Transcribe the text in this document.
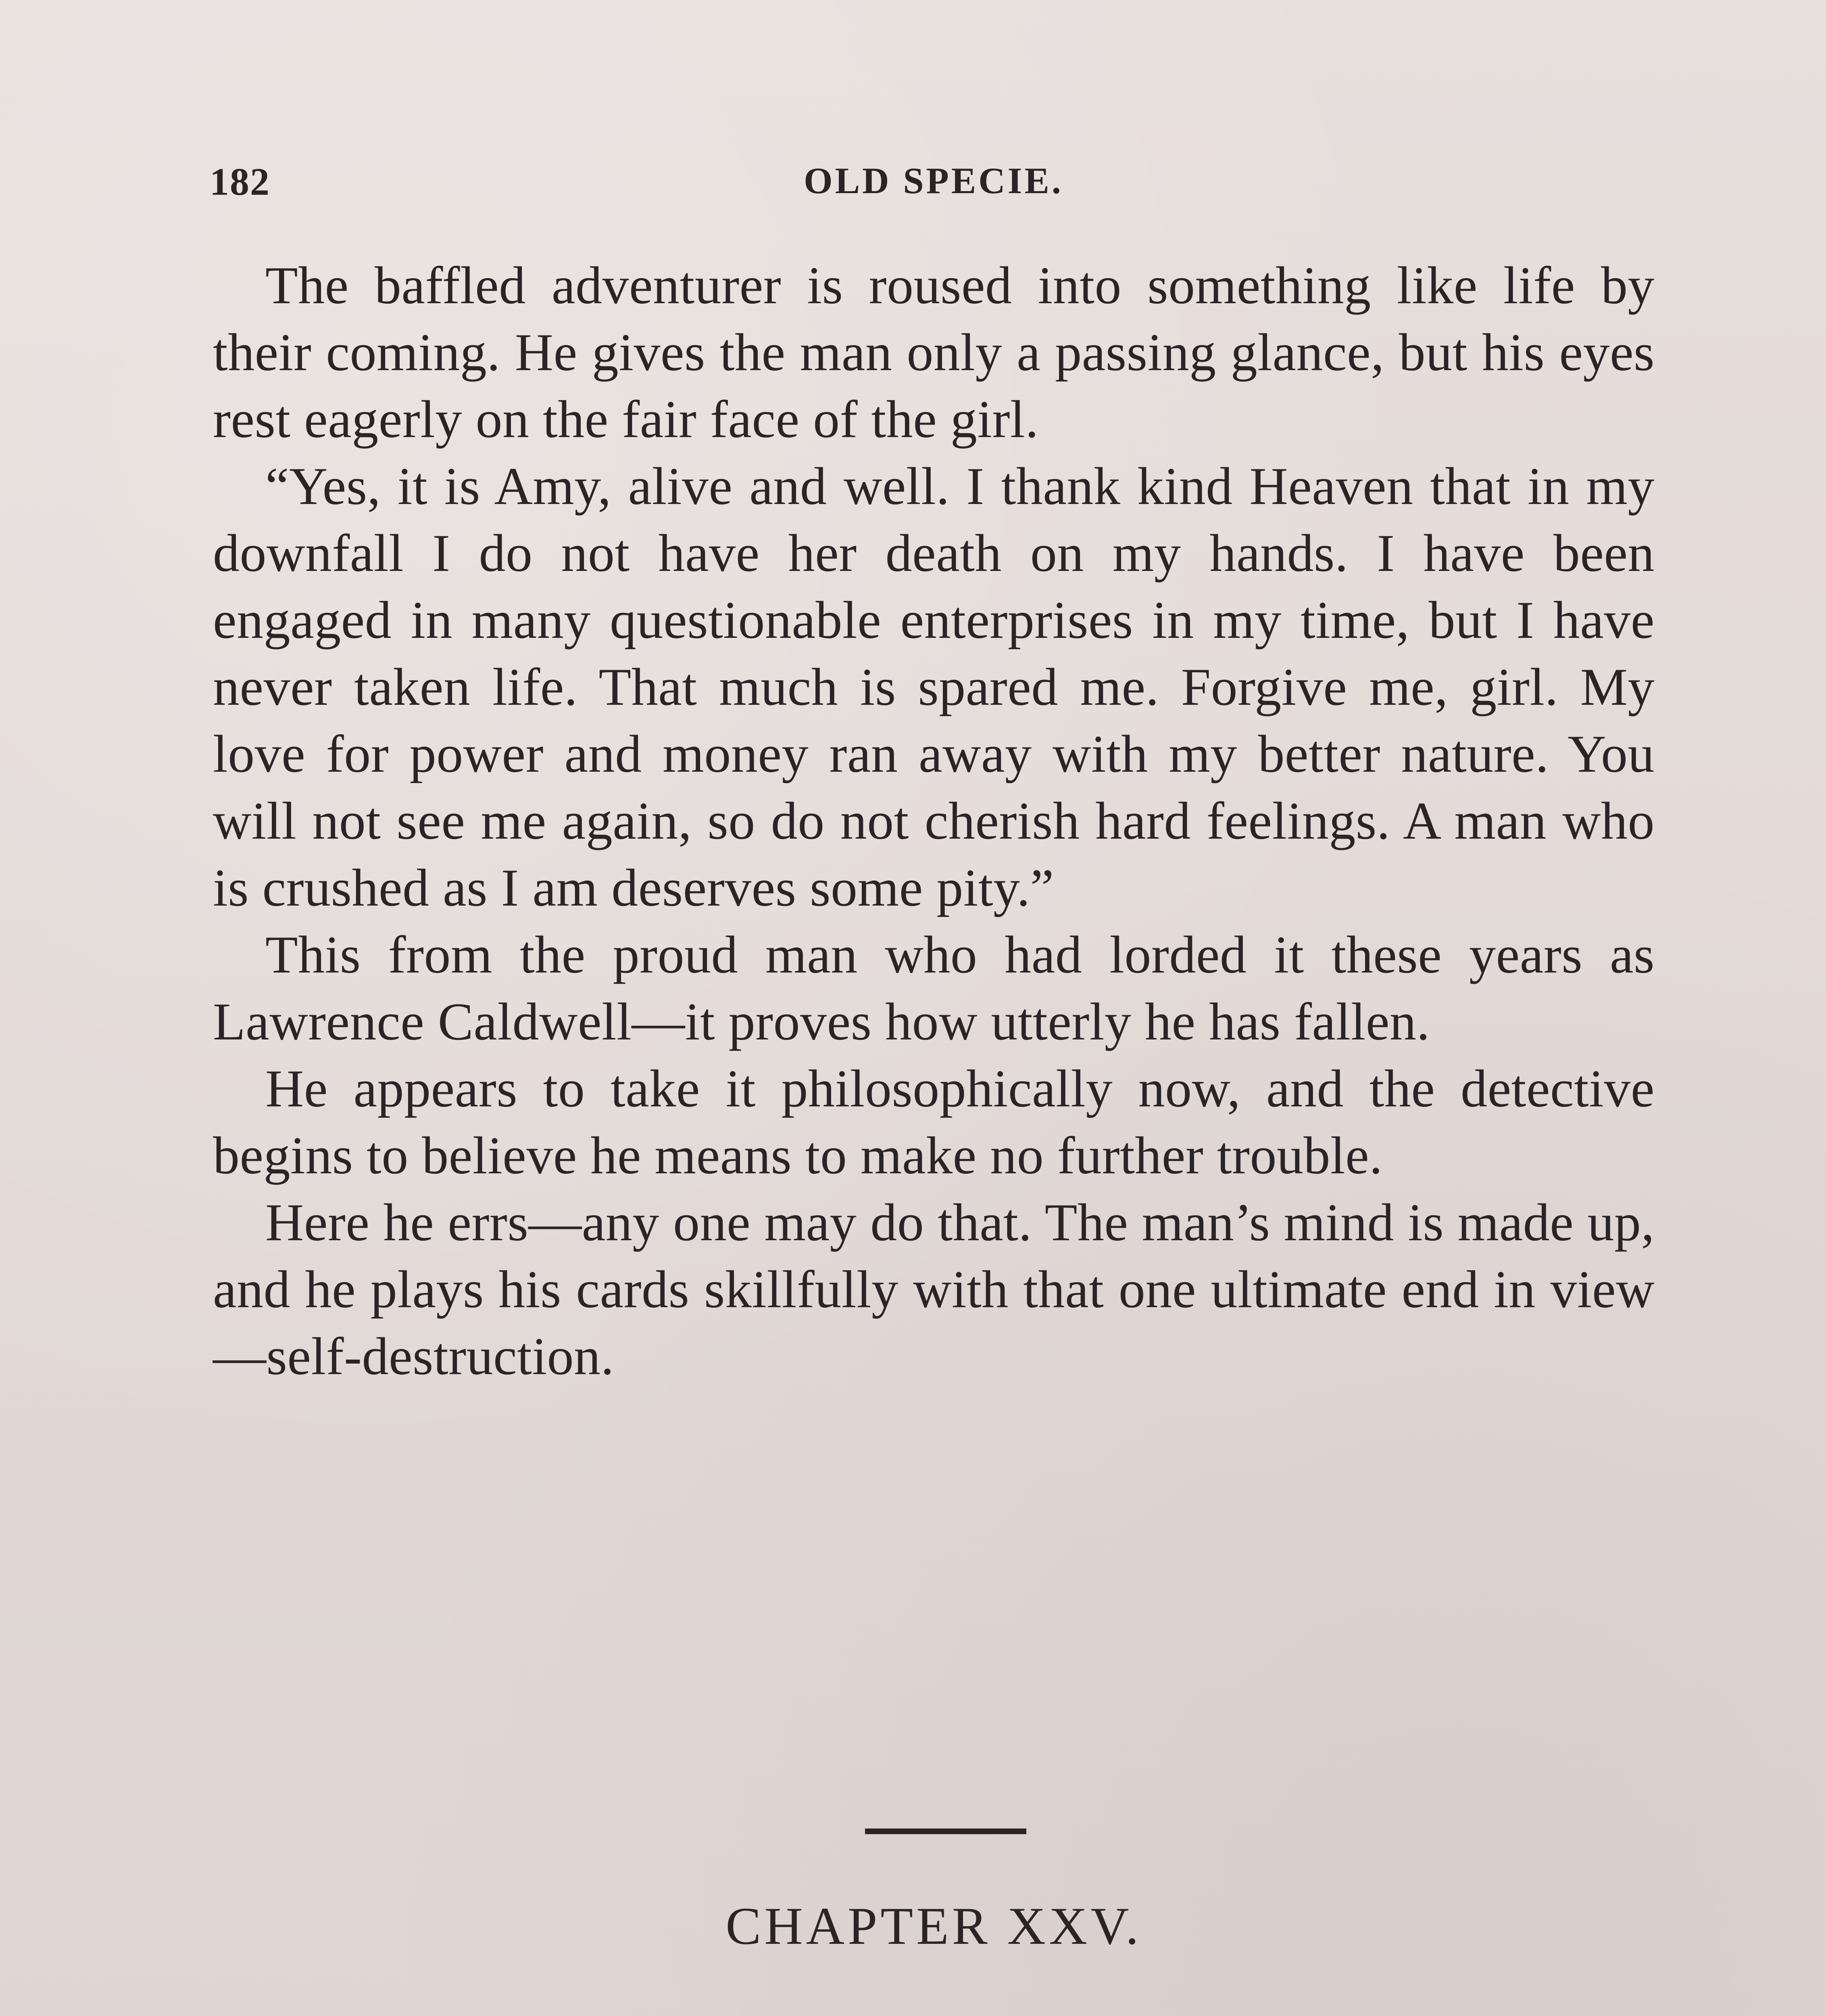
182	OLD SPECIE.

The baffled adventurer is roused into something like life by their coming. He gives the man only a passing glance, but his eyes rest eagerly on the fair face of the girl.

“Yes, it is Amy, alive and well. I thank kind Heaven that in my downfall I do not have her death on my hands. I have been engaged in many questionable enterprises in my time, but I have never taken life. That much is spared me. Forgive me, girl. My love for power and money ran away with my better nature. You will not see me again, so do not cherish hard feelings. A man who is crushed as I am deserves some pity.”

This from the proud man who had lorded it these years as Lawrence Caldwell—it proves how utterly he has fallen.

He appears to take it philosophically now, and the detective begins to believe he means to make no further trouble.

Here he errs—any one may do that. The man’s mind is made up, and he plays his cards skillfully with that one ultimate end in view—self-destruction.

CHAPTER XXV.
